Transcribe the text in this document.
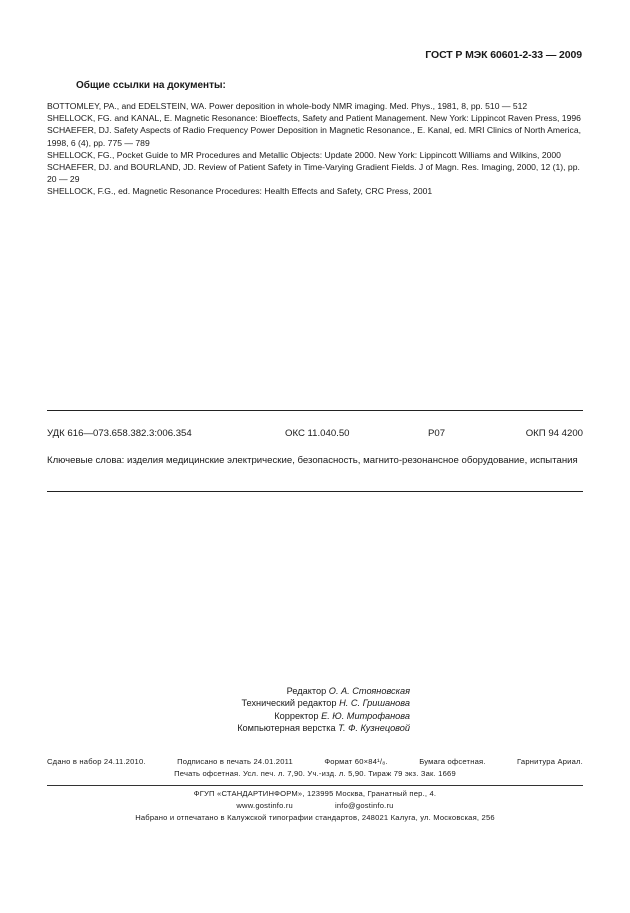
ГОСТ Р МЭК 60601-2-33 — 2009
Общие ссылки на документы:
BOTTOMLEY, PA., and EDELSTEIN, WA. Power deposition in whole-body NMR imaging. Med. Phys., 1981, 8, pp. 510 — 512
SHELLOCK, FG. and KANAL, E. Magnetic Resonance: Bioeffects, Safety and Patient Management. New York: Lippincot Raven Press, 1996
SCHAEFER, DJ. Safety Aspects of Radio Frequency Power Deposition in Magnetic Resonance., E. Kanal, ed. MRI Clinics of North America, 1998, 6 (4), pp. 775 — 789
SHELLOCK, FG., Pocket Guide to MR Procedures and Metallic Objects: Update 2000. New York: Lippincott Williams and Wilkins, 2000
SCHAEFER, DJ. and BOURLAND, JD. Review of Patient Safety in Time-Varying Gradient Fields. J of Magn. Res. Imaging, 2000, 12 (1), pp. 20 — 29
SHELLOCK, F.G., ed. Magnetic Resonance Procedures: Health Effects and Safety, CRC Press, 2001
УДК 616—073.658.382.3:006.354	ОКС 11.040.50	Р07	ОКП 94 4200
Ключевые слова: изделия медицинские электрические, безопасность, магнито-резонансное оборудование, испытания
Редактор О. А. Стояновская
Технический редактор Н. С. Гришанова
Корректор Е. Ю. Митрофанова
Компьютерная верстка Т. Ф. Кузнецовой
Сдано в набор 24.11.2010.	Подписано в печать 24.01.2011	Формат 60×84¹/₈.	Бумага офсетная.	Гарнитура Ариал.
Печать офсетная. Усл. печ. л. 7,90. Уч.-изд. л. 5,90. Тираж 79 экз. Зак. 1669
ФГУП «СТАНДАРТИНФОРМ», 123995 Москва, Гранатный пер., 4.
www.gostinfo.ru	info@gostinfo.ru
Набрано и отпечатано в Калужской типографии стандартов, 248021 Калуга, ул. Московская, 256
